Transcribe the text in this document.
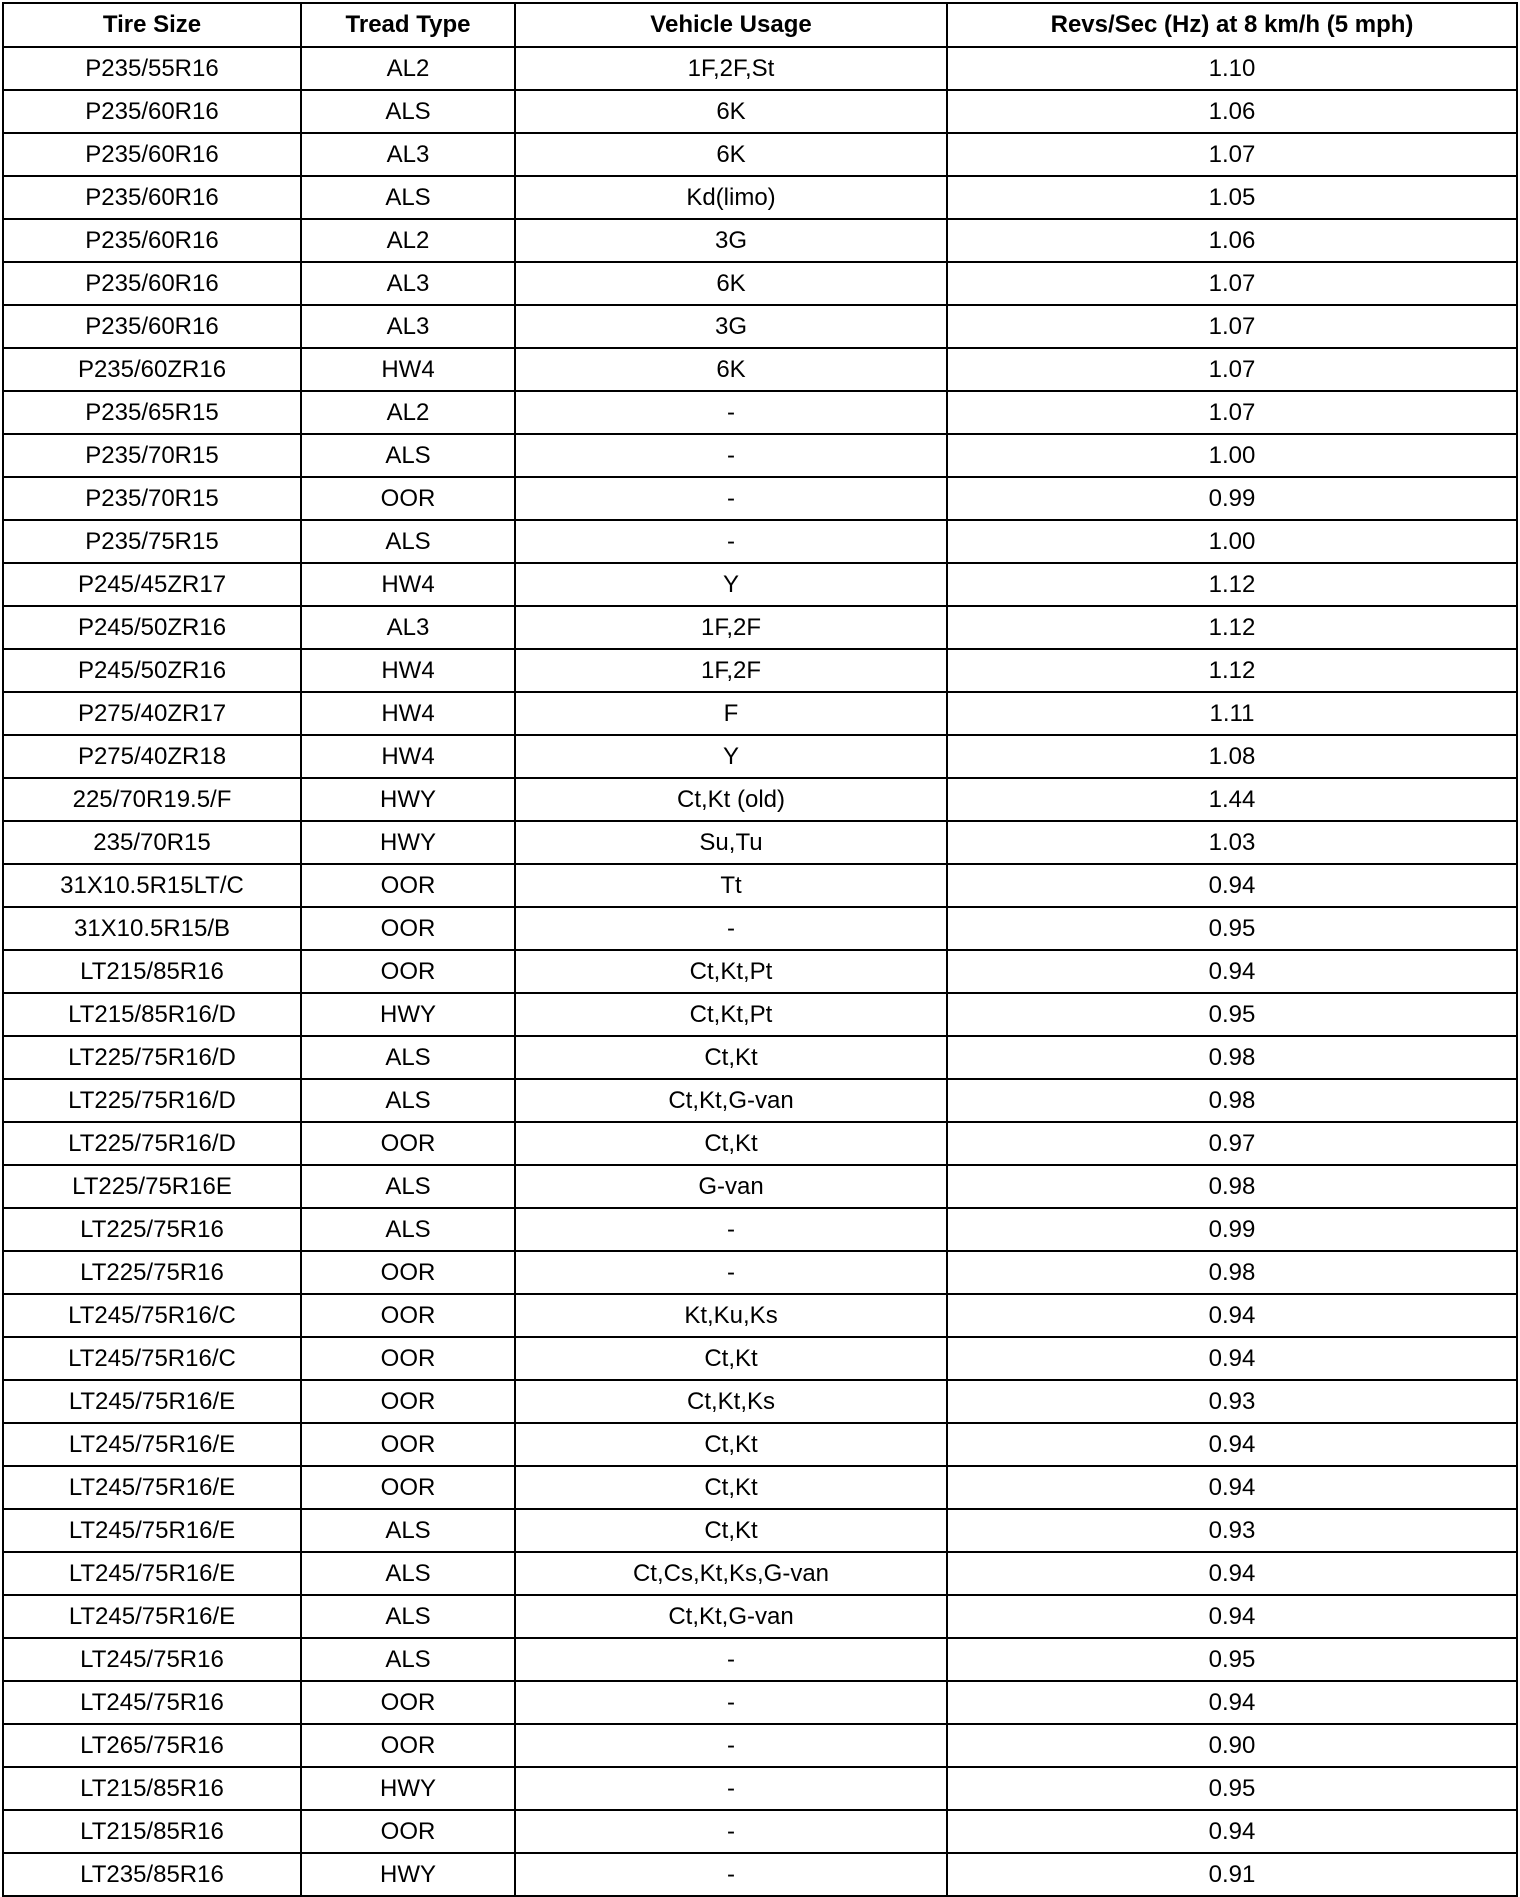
Tire Size	Tread Type	Vehicle Usage	Revs/Sec (Hz) at 8 km/h (5 mph)
P235/55R16	AL2	1F,2F,St	1.10
P235/60R16	ALS	6K	1.06
P235/60R16	AL3	6K	1.07
P235/60R16	ALS	Kd(limo)	1.05
P235/60R16	AL2	3G	1.06
P235/60R16	AL3	6K	1.07
P235/60R16	AL3	3G	1.07
P235/60ZR16	HW4	6K	1.07
P235/65R15	AL2	-	1.07
P235/70R15	ALS	-	1.00
P235/70R15	OOR	-	0.99
P235/75R15	ALS	-	1.00
P245/45ZR17	HW4	Y	1.12
P245/50ZR16	AL3	1F,2F	1.12
P245/50ZR16	HW4	1F,2F	1.12
P275/40ZR17	HW4	F	1.11
P275/40ZR18	HW4	Y	1.08
225/70R19.5/F	HWY	Ct,Kt (old)	1.44
235/70R15	HWY	Su,Tu	1.03
31X10.5R15LT/C	OOR	Tt	0.94
31X10.5R15/B	OOR	-	0.95
LT215/85R16	OOR	Ct,Kt,Pt	0.94
LT215/85R16/D	HWY	Ct,Kt,Pt	0.95
LT225/75R16/D	ALS	Ct,Kt	0.98
LT225/75R16/D	ALS	Ct,Kt,G-van	0.98
LT225/75R16/D	OOR	Ct,Kt	0.97
LT225/75R16E	ALS	G-van	0.98
LT225/75R16	ALS	-	0.99
LT225/75R16	OOR	-	0.98
LT245/75R16/C	OOR	Kt,Ku,Ks	0.94
LT245/75R16/C	OOR	Ct,Kt	0.94
LT245/75R16/E	OOR	Ct,Kt,Ks	0.93
LT245/75R16/E	OOR	Ct,Kt	0.94
LT245/75R16/E	OOR	Ct,Kt	0.94
LT245/75R16/E	ALS	Ct,Kt	0.93
LT245/75R16/E	ALS	Ct,Cs,Kt,Ks,G-van	0.94
LT245/75R16/E	ALS	Ct,Kt,G-van	0.94
LT245/75R16	ALS	-	0.95
LT245/75R16	OOR	-	0.94
LT265/75R16	OOR	-	0.90
LT215/85R16	HWY	-	0.95
LT215/85R16	OOR	-	0.94
LT235/85R16	HWY	-	0.91
